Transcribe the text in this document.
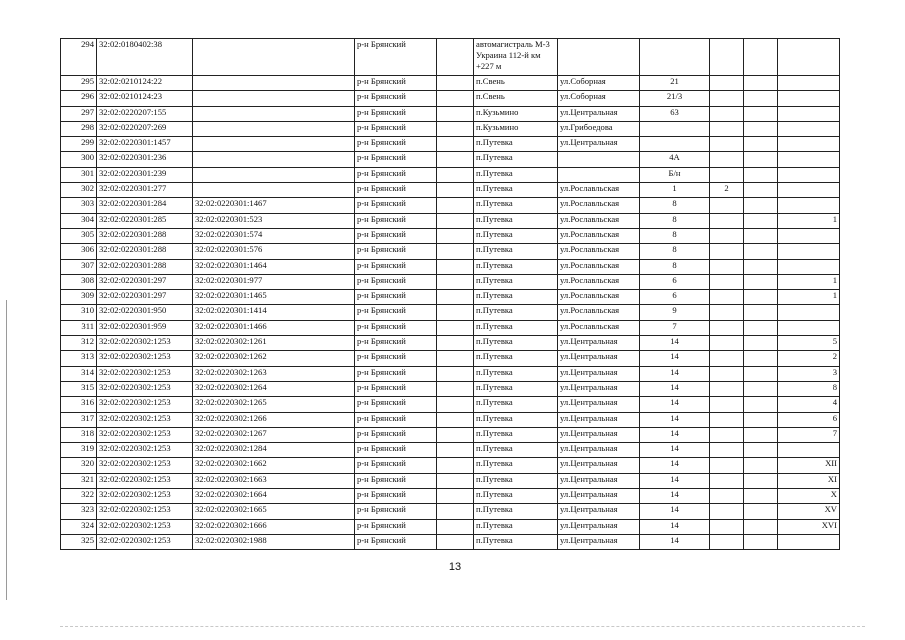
294	32:02:0180402:38		р-н Брянский		автомагистраль М-3 Украина 112-й км +227 м					
295	32:02:0210124:22		р-н Брянский		п.Свень	ул.Соборная	21			
296	32:02:0210124:23		р-н Брянский		п.Свень	ул.Соборная	21/3			
297	32:02:0220207:155		р-н Брянский		п.Кузьмино	ул.Центральная	63			
298	32:02:0220207:269		р-н Брянский		п.Кузьмино	ул.Грибоедова				
299	32:02:0220301:1457		р-н Брянский		п.Путевка	ул.Центральная				
300	32:02:0220301:236		р-н Брянский		п.Путевка		4А			
301	32:02:0220301:239		р-н Брянский		п.Путевка		Б/н			
302	32:02:0220301:277		р-н Брянский		п.Путевка	ул.Рославльская	1	2		
303	32:02:0220301:284	32:02:0220301:1467	р-н Брянский		п.Путевка	ул.Рославльская	8			
304	32:02:0220301:285	32:02:0220301:523	р-н Брянский		п.Путевка	ул.Рославльская	8			1
305	32:02:0220301:288	32:02:0220301:574	р-н Брянский		п.Путевка	ул.Рославльская	8			
306	32:02:0220301:288	32:02:0220301:576	р-н Брянский		п.Путевка	ул.Рославльская	8			
307	32:02:0220301:288	32:02:0220301:1464	р-н Брянский		п.Путевка	ул.Рославльская	8			
308	32:02:0220301:297	32:02:0220301:977	р-н Брянский		п.Путевка	ул.Рославльская	6			1
309	32:02:0220301:297	32:02:0220301:1465	р-н Брянский		п.Путевка	ул.Рославльская	6			1
310	32:02:0220301:950	32:02:0220301:1414	р-н Брянский		п.Путевка	ул.Рославльская	9			
311	32:02:0220301:959	32:02:0220301:1466	р-н Брянский		п.Путевка	ул.Рославльская	7			
312	32:02:0220302:1253	32:02:0220302:1261	р-н Брянский		п.Путевка	ул.Центральная	14			5
313	32:02:0220302:1253	32:02:0220302:1262	р-н Брянский		п.Путевка	ул.Центральная	14			2
314	32:02:0220302:1253	32:02:0220302:1263	р-н Брянский		п.Путевка	ул.Центральная	14			3
315	32:02:0220302:1253	32:02:0220302:1264	р-н Брянский		п.Путевка	ул.Центральная	14			8
316	32:02:0220302:1253	32:02:0220302:1265	р-н Брянский		п.Путевка	ул.Центральная	14			4
317	32:02:0220302:1253	32:02:0220302:1266	р-н Брянский		п.Путевка	ул.Центральная	14			6
318	32:02:0220302:1253	32:02:0220302:1267	р-н Брянский		п.Путевка	ул.Центральная	14			7
319	32:02:0220302:1253	32:02:0220302:1284	р-н Брянский		п.Путевка	ул.Центральная	14			
320	32:02:0220302:1253	32:02:0220302:1662	р-н Брянский		п.Путевка	ул.Центральная	14			XII
321	32:02:0220302:1253	32:02:0220302:1663	р-н Брянский		п.Путевка	ул.Центральная	14			XI
322	32:02:0220302:1253	32:02:0220302:1664	р-н Брянский		п.Путевка	ул.Центральная	14			X
323	32:02:0220302:1253	32:02:0220302:1665	р-н Брянский		п.Путевка	ул.Центральная	14			XV
324	32:02:0220302:1253	32:02:0220302:1666	р-н Брянский		п.Путевка	ул.Центральная	14			XVI
325	32:02:0220302:1253	32:02:0220302:1988	р-н Брянский		п.Путевка	ул.Центральная	14			
13
